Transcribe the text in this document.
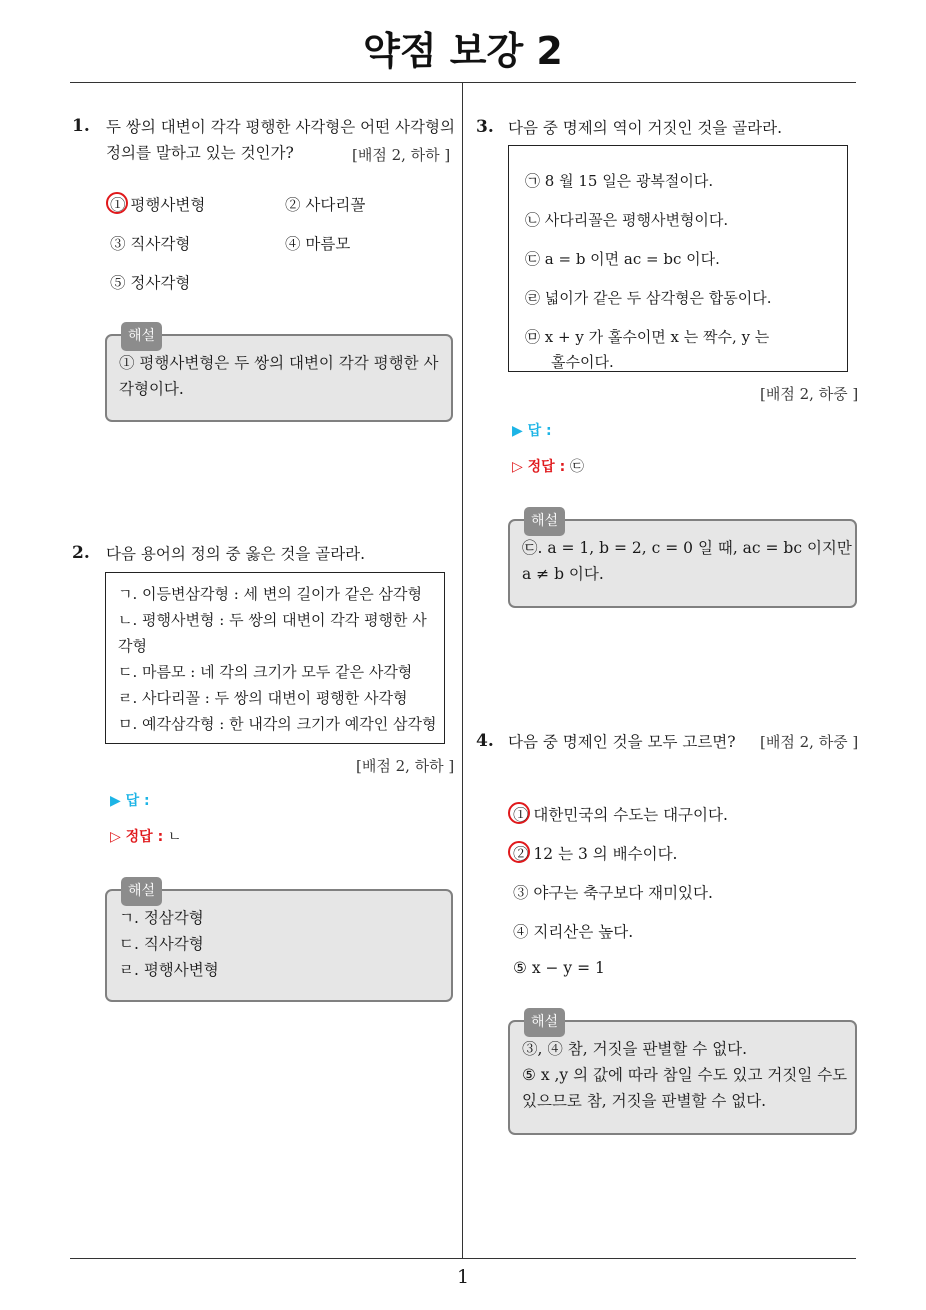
약점 보강 2
1
1. 두 쌍의 대변이 각각 평행한 사각형은 어떤 사각형의
정의를 말하고 있는 것인가?	[배점 2, 하하 ]
① 평행사변형	② 사다리꼴
③ 직사각형	④ 마름모
⑤ 정사각형
해설
① 평행사변형은 두 쌍의 대변이 각각 평행한 사
각형이다.
2. 다음 용어의 정의 중 옳은 것을 골라라.
ㄱ. 이등변삼각형 : 세 변의 길이가 같은 삼각형
ㄴ. 평행사변형 : 두 쌍의 대변이 각각 평행한 사
각형
ㄷ. 마름모 : 네 각의 크기가 모두 같은 사각형
ㄹ. 사다리꼴 : 두 쌍의 대변이 평행한 사각형
ㅁ. 예각삼각형 : 한 내각의 크기가 예각인 삼각형
[배점 2, 하하 ]
▶ 답 :
▷ 정답 : ㄴ
해설
ㄱ. 정삼각형
ㄷ. 직사각형
ㄹ. 평행사변형
3. 다음 중 명제의 역이 거짓인 것을 골라라.
㉠ 8 월 15 일은 광복절이다.
㉡ 사다리꼴은 평행사변형이다.
㉢ a = b 이면 ac = bc 이다.
㉣ 넓이가 같은 두 삼각형은 합동이다.
㉤ x + y 가 홀수이면 x 는 짝수, y 는
홀수이다.
[배점 2, 하중 ]
▶ 답 :
▷ 정답 : ㉢
해설
㉢. a = 1, b = 2, c = 0 일 때, ac = bc 이지만
a ≠ b 이다.
4. 다음 중 명제인 것을 모두 고르면? [배점 2, 하중 ]
① 대한민국의 수도는 대구이다.
② 12 는 3 의 배수이다.
③ 야구는 축구보다 재미있다.
④ 지리산은 높다.
⑤ x − y = 1
해설
③, ④ 참, 거짓을 판별할 수 없다.
⑤ x ,y 의 값에 따라 참일 수도 있고 거짓일 수도
있으므로 참, 거짓을 판별할 수 없다.
